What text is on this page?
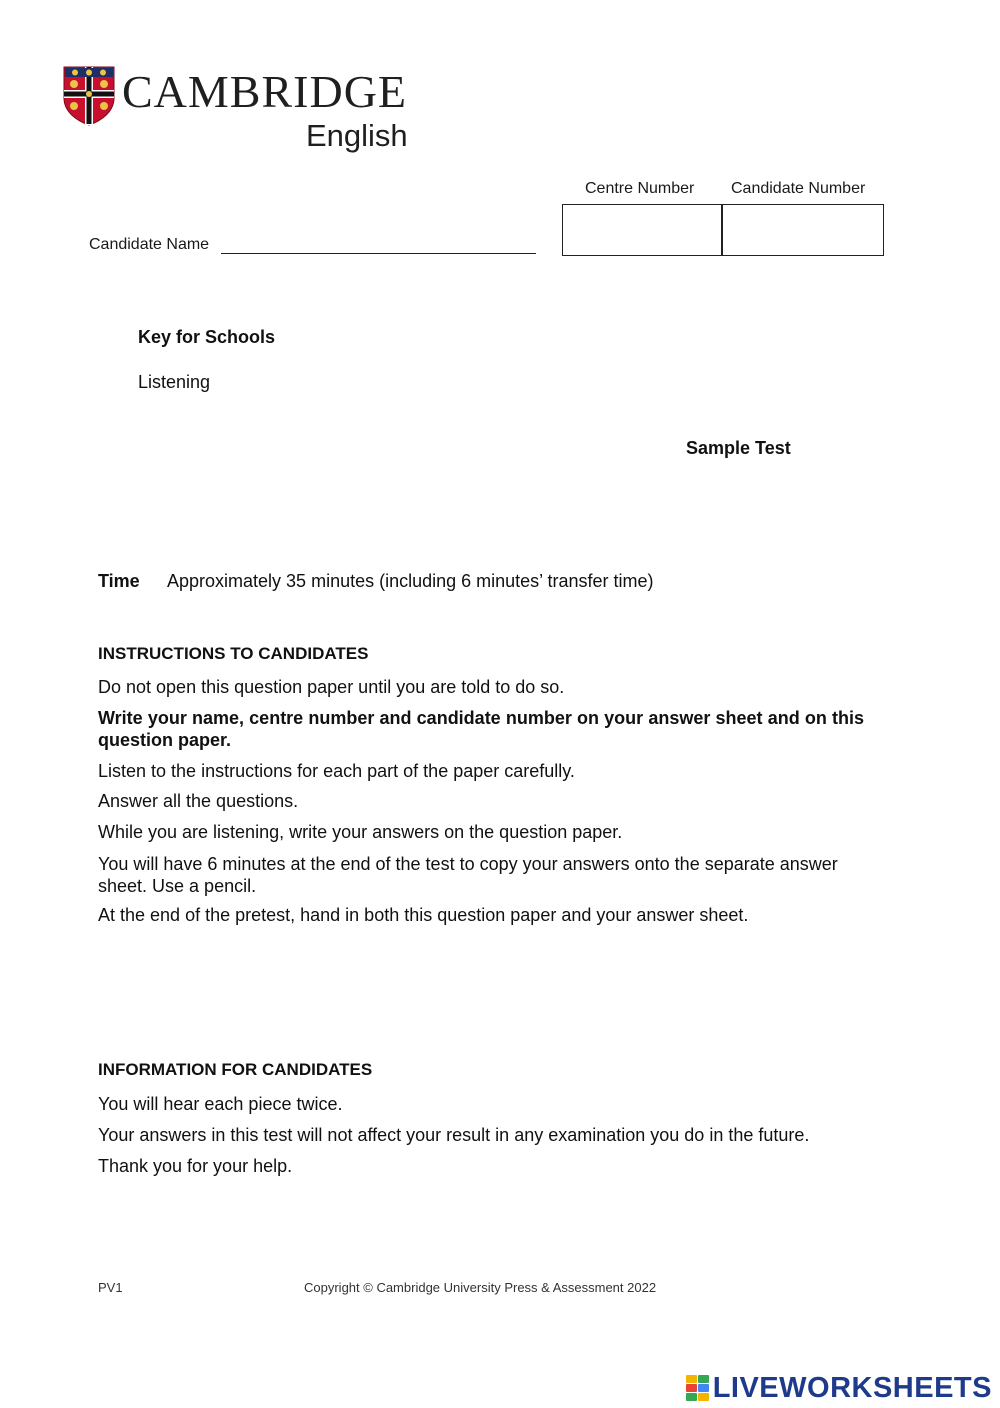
CAMBRIDGE
English
Centre Number Candidate Number
Candidate Name
Key for Schools
Listening
Sample Test
Time Approximately 35 minutes (including 6 minutes’ transfer time)
INSTRUCTIONS TO CANDIDATES
Do not open this question paper until you are told to do so.
Write your name, centre number and candidate number on your answer sheet and on this question paper.
Listen to the instructions for each part of the paper carefully.
Answer all the questions.
While you are listening, write your answers on the question paper.
You will have 6 minutes at the end of the test to copy your answers onto the separate answer sheet. Use a pencil.
At the end of the pretest, hand in both this question paper and your answer sheet.
INFORMATION FOR CANDIDATES
You will hear each piece twice.
Your answers in this test will not affect your result in any examination you do in the future.
Thank you for your help.
PV1	Copyright © Cambridge University Press & Assessment 2022
LIVEWORKSHEETS
